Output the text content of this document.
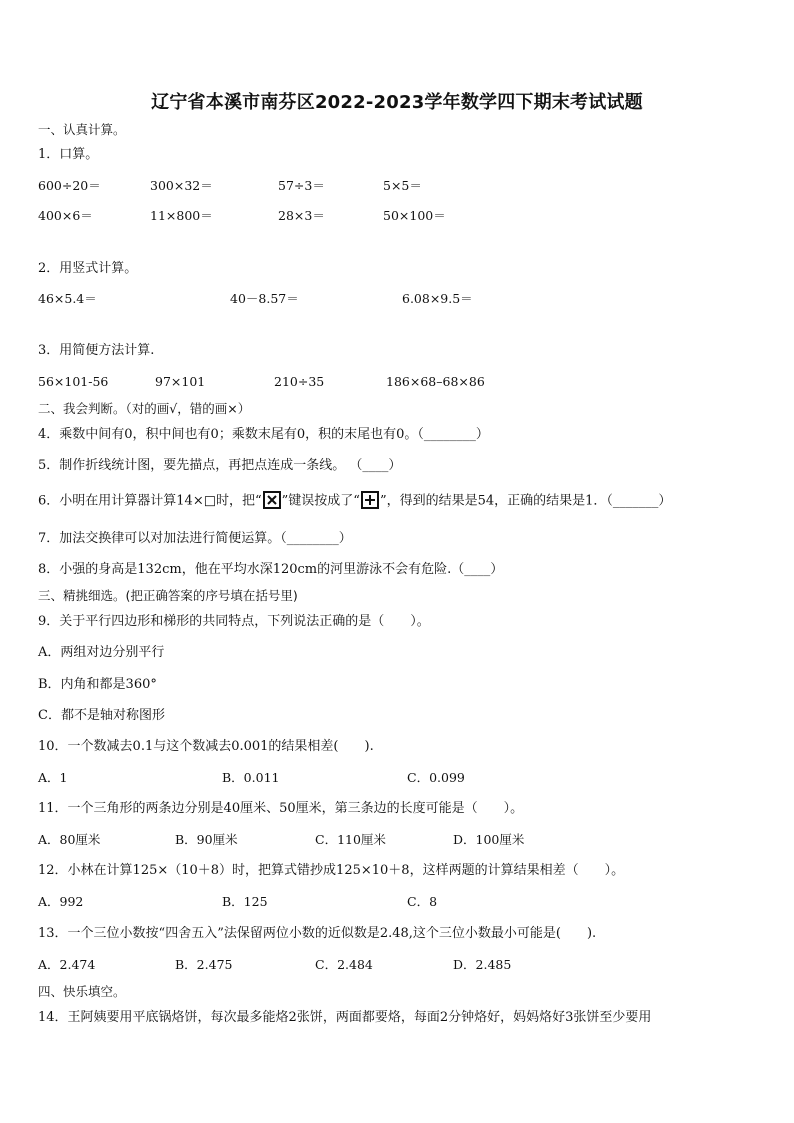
辽宁省本溪市南芬区2022-2023学年数学四下期末考试试题
一、认真计算。
1．口算。
600÷20＝	300×32＝	57÷3＝	5×5＝
400×6＝	11×800＝	28×3＝	50×100＝
2．用竖式计算。
46×5.4＝	40－8.57＝	6.08×9.5＝
3．用简便方法计算.
56×101-56	97×101	210÷35	186×68–68×86
二、我会判断。（对的画√，错的画×）
4．乘数中间有0，积中间也有0；乘数末尾有0，积的末尾也有0。（________）
5．制作折线统计图，要先描点，再把点连成一条线。 （____）
6．小明在用计算器计算14×□时，把“ ”键误按成了“ ”，得到的结果是54，正确的结果是1．（_______）
7．加法交换律可以对加法进行简便运算。（________）
8．小强的身高是132cm，他在平均水深120cm的河里游泳不会有危险.（____）
三、精挑细选。(把正确答案的序号填在括号里)
9．关于平行四边形和梯形的共同特点，下列说法正确的是（　　）。
A．两组对边分别平行
B．内角和都是360°
C．都不是轴对称图形
10．一个数减去0.1与这个数减去0.001的结果相差(　　).
A．1	B．0.011	C．0.099
11．一个三角形的两条边分别是40厘米、50厘米，第三条边的长度可能是（　　）。
A．80厘米	B．90厘米	C．110厘米	D．100厘米
12．小林在计算125×（10＋8）时，把算式错抄成125×10＋8，这样两题的计算结果相差（　　）。
A．992	B．125	C．8
13．一个三位小数按“四舍五入”法保留两位小数的近似数是2.48,这个三位小数最小可能是(　　).
A．2.474	B．2.475	C．2.484	D．2.485
四、快乐填空。
14．王阿姨要用平底锅烙饼，每次最多能烙2张饼，两面都要烙，每面2分钟烙好，妈妈烙好3张饼至少要用
